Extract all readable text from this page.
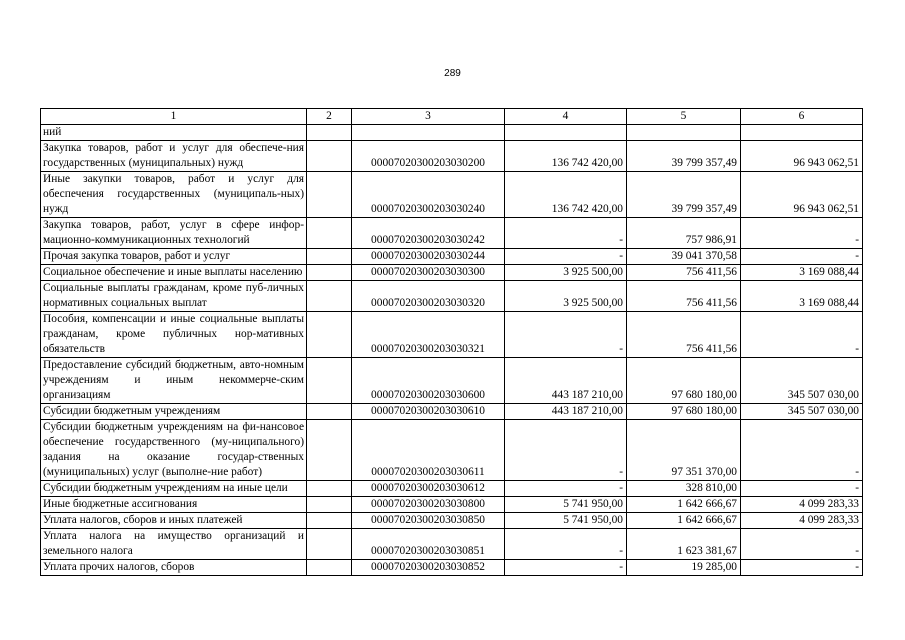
289
1	2	3	4	5	6
ний					
Закупка товаров, работ и услуг для обеспече-ния государственных (муниципальных) нужд		00007020300203030200	136 742 420,00	39 799 357,49	96 943 062,51
Иные закупки товаров, работ и услуг для обеспечения государственных (муниципаль-ных) нужд		00007020300203030240	136 742 420,00	39 799 357,49	96 943 062,51
Закупка товаров, работ, услуг в сфере инфор-мационно-коммуникационных технологий		00007020300203030242	-	757 986,91	-
Прочая закупка товаров, работ и услуг		00007020300203030244	-	39 041 370,58	-
Социальное обеспечение и иные выплаты населению		00007020300203030300	3 925 500,00	756 411,56	3 169 088,44
Социальные выплаты гражданам, кроме пуб-личных нормативных социальных выплат		00007020300203030320	3 925 500,00	756 411,56	3 169 088,44
Пособия, компенсации и иные социальные выплаты гражданам, кроме публичных нор-мативных обязательств		00007020300203030321	-	756 411,56	-
Предоставление субсидий бюджетным, авто-номным учреждениям и иным некоммерче-ским организациям		00007020300203030600	443 187 210,00	97 680 180,00	345 507 030,00
Субсидии бюджетным учреждениям		00007020300203030610	443 187 210,00	97 680 180,00	345 507 030,00
Субсидии бюджетным учреждениям на фи-нансовое обеспечение государственного (му-ниципального) задания на оказание государ-ственных (муниципальных) услуг (выполне-ние работ)		00007020300203030611	-	97 351 370,00	-
Субсидии бюджетным учреждениям на иные цели		00007020300203030612	-	328 810,00	-
Иные бюджетные ассигнования		00007020300203030800	5 741 950,00	1 642 666,67	4 099 283,33
Уплата налогов, сборов и иных платежей		00007020300203030850	5 741 950,00	1 642 666,67	4 099 283,33
Уплата налога на имущество организаций и земельного налога		00007020300203030851	-	1 623 381,67	-
Уплата прочих налогов, сборов		00007020300203030852	-	19 285,00	-
